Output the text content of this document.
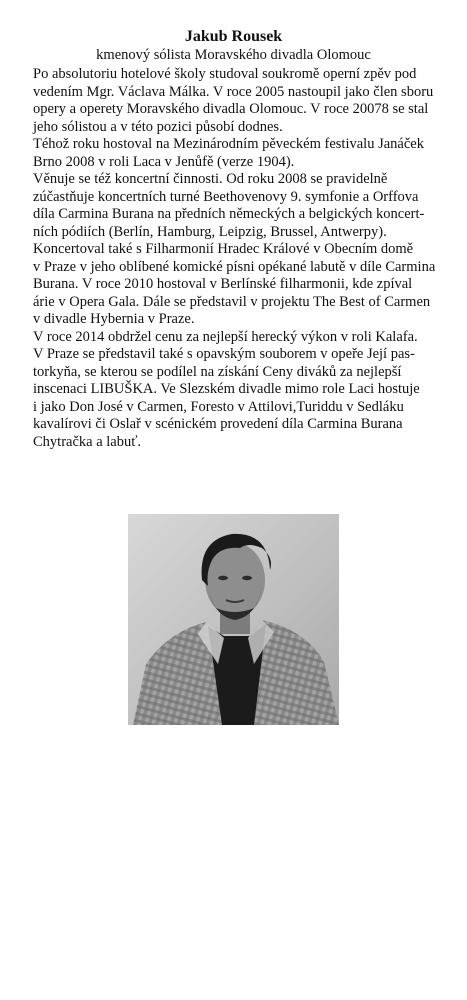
Jakub Rousek
kmenový sólista Moravského divadla Olomouc
Po absolutoriu hotelové školy studoval soukromě operní zpěv pod
vedením Mgr. Václava Málka. V roce 2005 nastoupil jako člen sboru
opery a operety Moravského divadla Olomouc. V roce 20078 se stal
jeho sólistou a v této pozici působí dodnes.
Téhož roku hostoval na Mezinárodním pěveckém festivalu Janáček
Brno 2008 v roli Laca v Jenůfě (verze 1904).
Věnuje se též koncertní činnosti. Od roku 2008 se pravidelně
zúčastňuje koncertních turné Beethovenovy 9. symfonie a Orffova
díla Carmina Burana na předních německých a belgických koncert-
ních pódiích (Berlín, Hamburg, Leipzig, Brussel, Antwerpy).
Koncertoval také s Filharmonií Hradec Králové v Obecním domě
v Praze v jeho oblíbené komické písni opékané labutě v díle Carmina
Burana. V roce 2010 hostoval v Berlínské filharmonii, kde zpíval
árie v Opera Gala. Dále se představil v projektu The Best of Carmen
v divadle Hybernia v Praze.
V roce 2014 obdržel cenu za nejlepší herecký výkon v roli Kalafa.
V Praze se představil také s opavským souborem v opeře Její pas-
torkyňa, se kterou se podílel na získání Ceny diváků za nejlepší
inscenaci LIBUŠKA. Ve Slezském divadle mimo role Laci hostuje
i jako Don José v Carmen, Foresto v Attilovi,Turiddu v Sedláku
kavalírovi či Oslař v scénickém provedení díla Carmina Burana
Chytračka a labuť.
